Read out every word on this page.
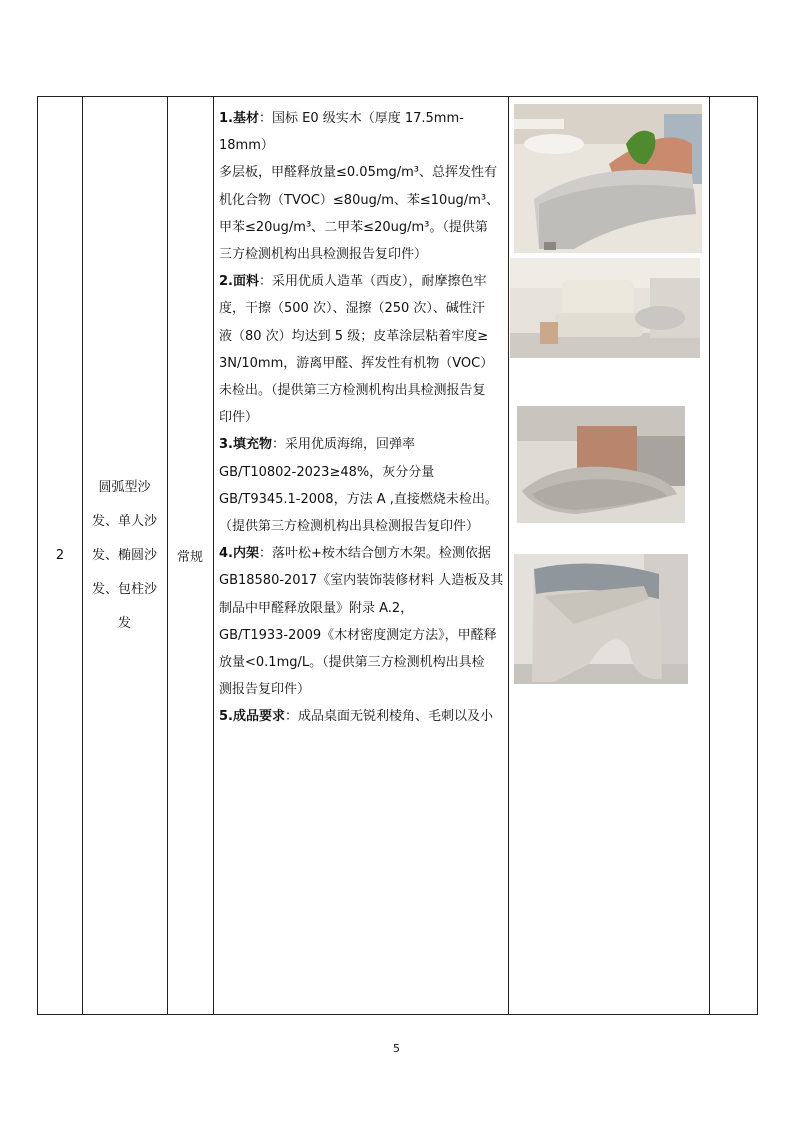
2
圆弧型沙
发、单人沙
发、椭圆沙
发、包柱沙
发
常规

1.基材：国标 E0 级实木（厚度 17.5mm-18mm）

多层板，甲醛释放量≤0.05mg/m³、总挥发性有

机化合物（TVOC）≤80ug/m、苯≤10ug/m³、

甲苯≤20ug/m³、二甲苯≤20ug/m³。（提供第

三方检测机构出具检测报告复印件）

2.面料：采用优质人造革（西皮），耐摩擦色牢

度，干擦（500 次）、湿擦（250 次）、碱性汗

液（80 次）均达到 5 级；皮革涂层粘着牢度≥

3N/10mm，游离甲醛、挥发性有机物（VOC）

未检出。（提供第三方检测机构出具检测报告复

印件）

3.填充物：采用优质海绵，回弹率

GB/T10802-2023≥48%，灰分分量

GB/T9345.1-2008，方法 A ,直接燃烧未检出。

（提供第三方检测机构出具检测报告复印件）

4.内架：落叶松+桉木结合刨方木架。检测依据

GB18580-2017《室内装饰装修材料 人造板及其

制品中甲醛释放限量》附录 A.2，

GB/T1933-2009《木材密度测定方法》，甲醛释

放量<0.1mg/L。（提供第三方检测机构出具检

测报告复印件）

5.成品要求：成品桌面无锐利棱角、毛刺以及小

5
